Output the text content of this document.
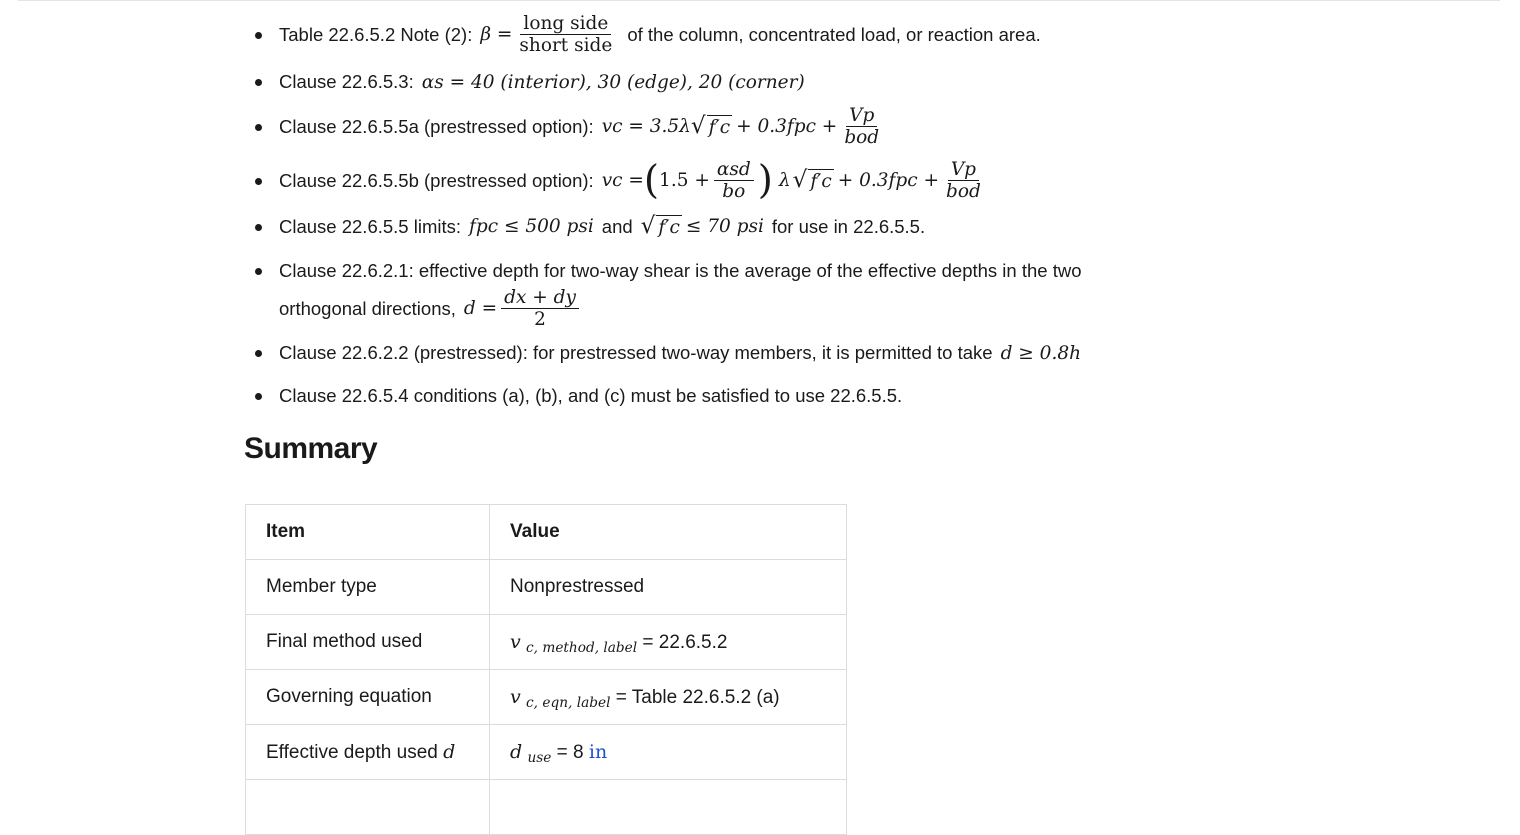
Table 22.6.5.2 Note (2): $\beta = \frac{\text{long side}}{\text{short side}}$ of the column, concentrated load, or reaction area.
Clause 22.6.5.3: αs = 40 (interior), 30 (edge), 20 (corner)
Clause 22.6.5.5a (prestressed option): vc = 3.5λ √ $f'c + 0.3fpc + \frac{Vp}{\text{bod}}$
Clause 22.6.5.5b (prestressed option): vc = ( $1.5 + \frac{\text{αsd}}{bo}$ ) λ √ $f'c + 0.3fpc + \frac{Vp}{\text{bod}}$
Clause 22.6.5.5 limits: fpc ≤ 500 psi and √ f′c ≤ 70 psi for use in 22.6.5.5.
Clause 22.6.2.1: effective depth for two-way shear is the average of the effective depths in the two
orthogonal directions, $d = \frac{dx + dy}{2}$
Clause 22.6.2.2 (prestressed): for prestressed two-way members, it is permitted to take d ≥ 0.8h
Clause 22.6.5.4 conditions (a), (b), and (c) must be satisfied to use 22.6.5.5.
Summary
Item	Value
Member type	Nonprestressed
Final method used	v $_{c, method, label}$ = 22.6.5.2
Governing equation	v $_{c, eqn, label}$ = Table 22.6.5.2 (a)
Effective depth used d	d $_{use}$ = 8 in
